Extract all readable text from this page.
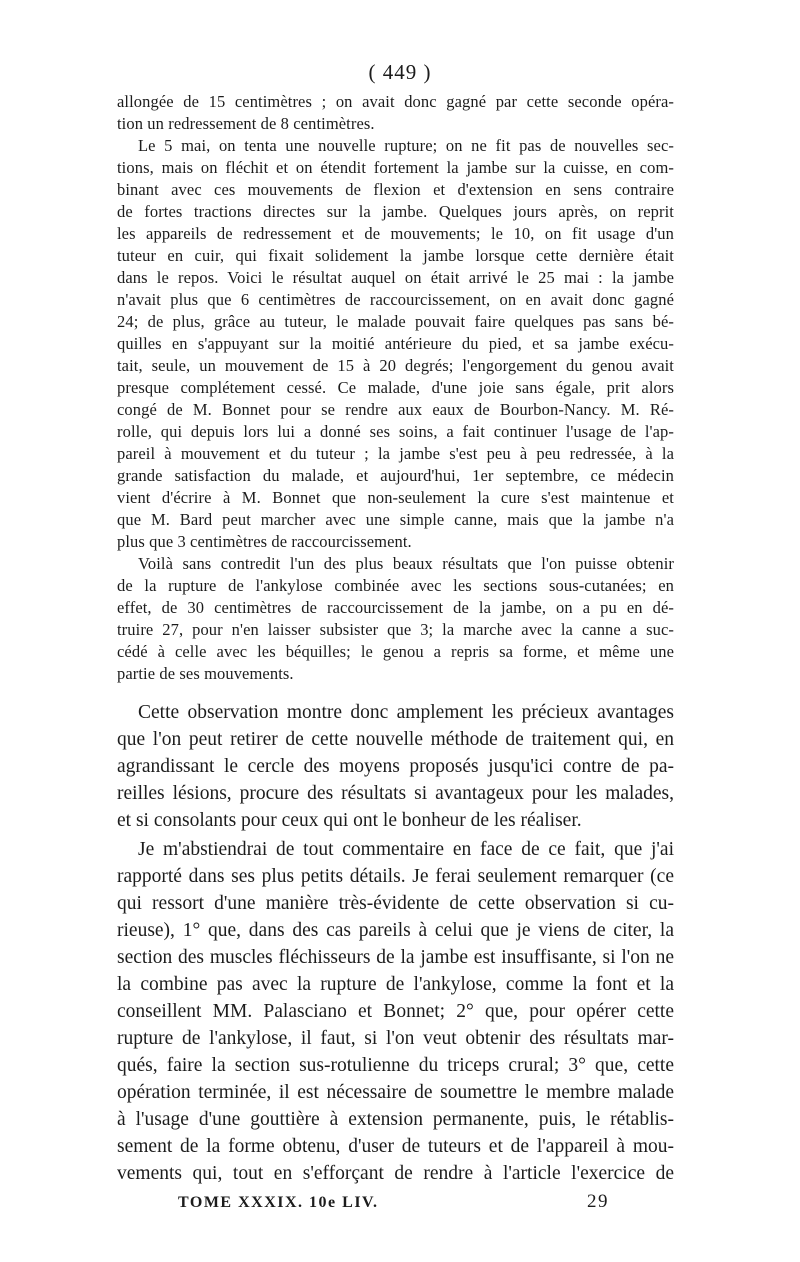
( 449 )
allongée de 15 centimètres ; on avait donc gagné par cette seconde opéra-
tion un redressement de 8 centimètres.
Le 5 mai, on tenta une nouvelle rupture; on ne fit pas de nouvelles sec-
tions, mais on fléchit et on étendit fortement la jambe sur la cuisse, en com-
binant avec ces mouvements de flexion et d'extension en sens contraire
de fortes tractions directes sur la jambe. Quelques jours après, on reprit
les appareils de redressement et de mouvements; le 10, on fit usage d'un
tuteur en cuir, qui fixait solidement la jambe lorsque cette dernière était
dans le repos. Voici le résultat auquel on était arrivé le 25 mai : la jambe
n'avait plus que 6 centimètres de raccourcissement, on en avait donc gagné
24; de plus, grâce au tuteur, le malade pouvait faire quelques pas sans bé-
quilles en s'appuyant sur la moitié antérieure du pied, et sa jambe exécu-
tait, seule, un mouvement de 15 à 20 degrés; l'engorgement du genou avait
presque complétement cessé. Ce malade, d'une joie sans égale, prit alors
congé de M. Bonnet pour se rendre aux eaux de Bourbon-Nancy. M. Ré-
rolle, qui depuis lors lui a donné ses soins, a fait continuer l'usage de l'ap-
pareil à mouvement et du tuteur ; la jambe s'est peu à peu redressée, à la
grande satisfaction du malade, et aujourd'hui, 1er septembre, ce médecin
vient d'écrire à M. Bonnet que non-seulement la cure s'est maintenue et
que M. Bard peut marcher avec une simple canne, mais que la jambe n'a
plus que 3 centimètres de raccourcissement.
Voilà sans contredit l'un des plus beaux résultats que l'on puisse obtenir
de la rupture de l'ankylose combinée avec les sections sous-cutanées; en
effet, de 30 centimètres de raccourcissement de la jambe, on a pu en dé-
truire 27, pour n'en laisser subsister que 3; la marche avec la canne a suc-
cédé à celle avec les béquilles; le genou a repris sa forme, et même une
partie de ses mouvements.
Cette observation montre donc amplement les précieux avantages
que l'on peut retirer de cette nouvelle méthode de traitement qui, en
agrandissant le cercle des moyens proposés jusqu'ici contre de pa-
reilles lésions, procure des résultats si avantageux pour les malades,
et si consolants pour ceux qui ont le bonheur de les réaliser.
Je m'abstiendrai de tout commentaire en face de ce fait, que j'ai
rapporté dans ses plus petits détails. Je ferai seulement remarquer (ce
qui ressort d'une manière très-évidente de cette observation si cu-
rieuse), 1° que, dans des cas pareils à celui que je viens de citer, la
section des muscles fléchisseurs de la jambe est insuffisante, si l'on ne
la combine pas avec la rupture de l'ankylose, comme la font et la
conseillent MM. Palasciano et Bonnet; 2° que, pour opérer cette
rupture de l'ankylose, il faut, si l'on veut obtenir des résultats mar-
qués, faire la section sus-rotulienne du triceps crural; 3° que, cette
opération terminée, il est nécessaire de soumettre le membre malade
à l'usage d'une gouttière à extension permanente, puis, le rétablis-
sement de la forme obtenu, d'user de tuteurs et de l'appareil à mou-
vements qui, tout en s'efforçant de rendre à l'article l'exercice de
TOME XXXIX. 10e LIV.	29
